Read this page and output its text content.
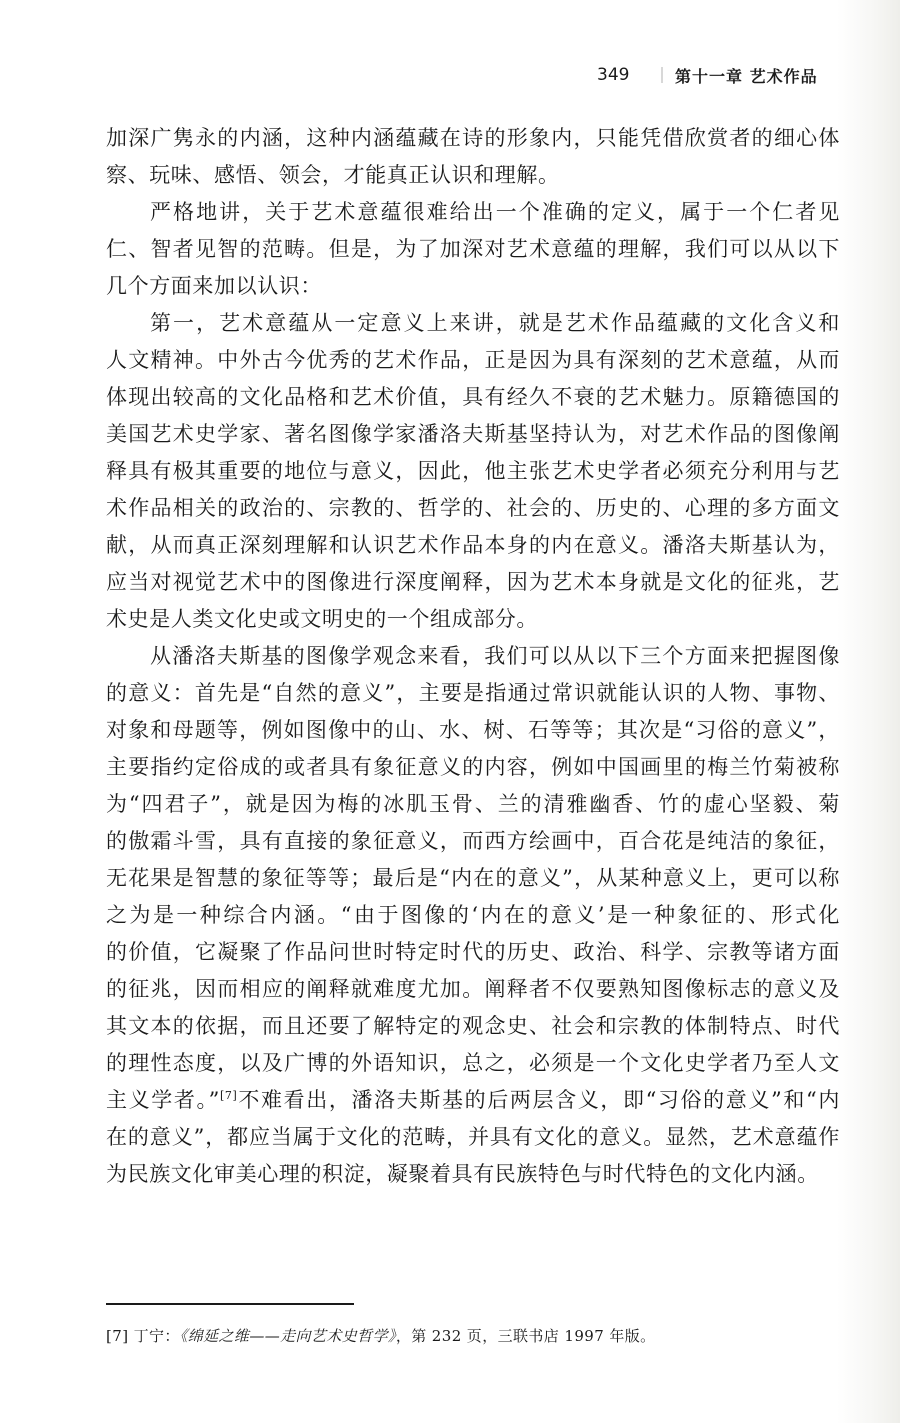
349	第十一章 艺术作品
加深广隽永的内涵，这种内涵蕴藏在诗的形象内，只能凭借欣赏者的细心体
察、玩味、感悟、领会，才能真正认识和理解。
严格地讲，关于艺术意蕴很难给出一个准确的定义，属于一个仁者见
仁、智者见智的范畴。但是，为了加深对艺术意蕴的理解，我们可以从以下
几个方面来加以认识：
第一，艺术意蕴从一定意义上来讲，就是艺术作品蕴藏的文化含义和
人文精神。中外古今优秀的艺术作品，正是因为具有深刻的艺术意蕴，从而
体现出较高的文化品格和艺术价值，具有经久不衰的艺术魅力。原籍德国的
美国艺术史学家、著名图像学家潘洛夫斯基坚持认为，对艺术作品的图像阐
释具有极其重要的地位与意义，因此，他主张艺术史学者必须充分利用与艺
术作品相关的政治的、宗教的、哲学的、社会的、历史的、心理的多方面文
献，从而真正深刻理解和认识艺术作品本身的内在意义。潘洛夫斯基认为，
应当对视觉艺术中的图像进行深度阐释，因为艺术本身就是文化的征兆，艺
术史是人类文化史或文明史的一个组成部分。
从潘洛夫斯基的图像学观念来看，我们可以从以下三个方面来把握图像
的意义：首先是“自然的意义”，主要是指通过常识就能认识的人物、事物、
对象和母题等，例如图像中的山、水、树、石等等；其次是“习俗的意义”，
主要指约定俗成的或者具有象征意义的内容，例如中国画里的梅兰竹菊被称
为“四君子”，就是因为梅的冰肌玉骨、兰的清雅幽香、竹的虚心坚毅、菊
的傲霜斗雪，具有直接的象征意义，而西方绘画中，百合花是纯洁的象征，
无花果是智慧的象征等等；最后是“内在的意义”，从某种意义上，更可以称
之为是一种综合内涵。“由于图像的‘内在的意义’是一种象征的、形式化
的价值，它凝聚了作品问世时特定时代的历史、政治、科学、宗教等诸方面
的征兆，因而相应的阐释就难度尤加。阐释者不仅要熟知图像标志的意义及
其文本的依据，而且还要了解特定的观念史、社会和宗教的体制特点、时代
的理性态度，以及广博的外语知识，总之，必须是一个文化史学者乃至人文
主义学者。”[7]不难看出，潘洛夫斯基的后两层含义，即“习俗的意义”和“内
在的意义”，都应当属于文化的范畴，并具有文化的意义。显然，艺术意蕴作
为民族文化审美心理的积淀，凝聚着具有民族特色与时代特色的文化内涵。
[7] 丁宁：《绵延之维——走向艺术史哲学》，第 232 页，三联书店 1997 年版。
